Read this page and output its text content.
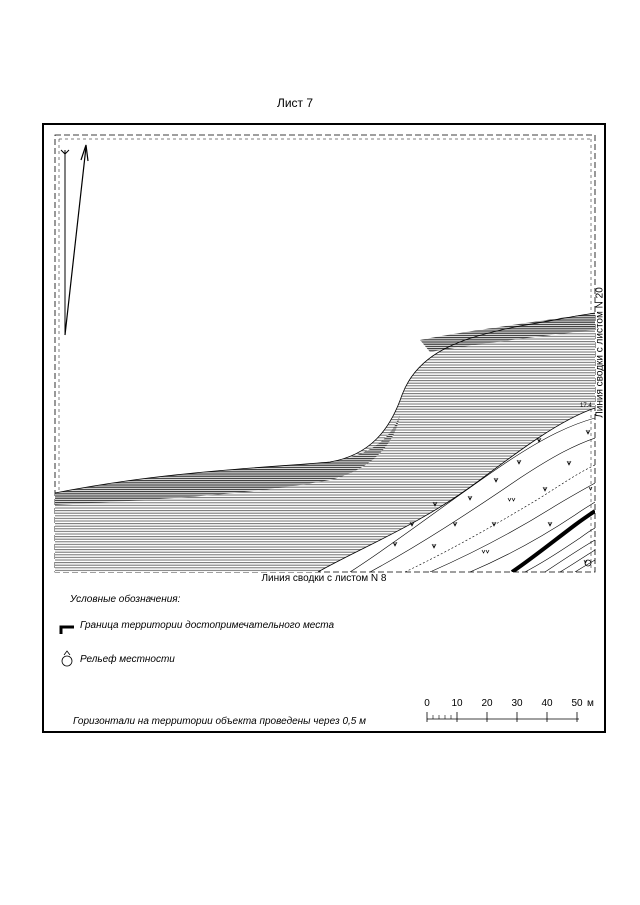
Лист 7
17.4
Линия сводки с листом N 8
Линия сводки с листом N 20
Условные обозначения:
Граница территории достопримечательного места
Рельеф местности
Горизонтали на территории объекта проведены через 0,5 м
0 10 20 30 40 50 м
